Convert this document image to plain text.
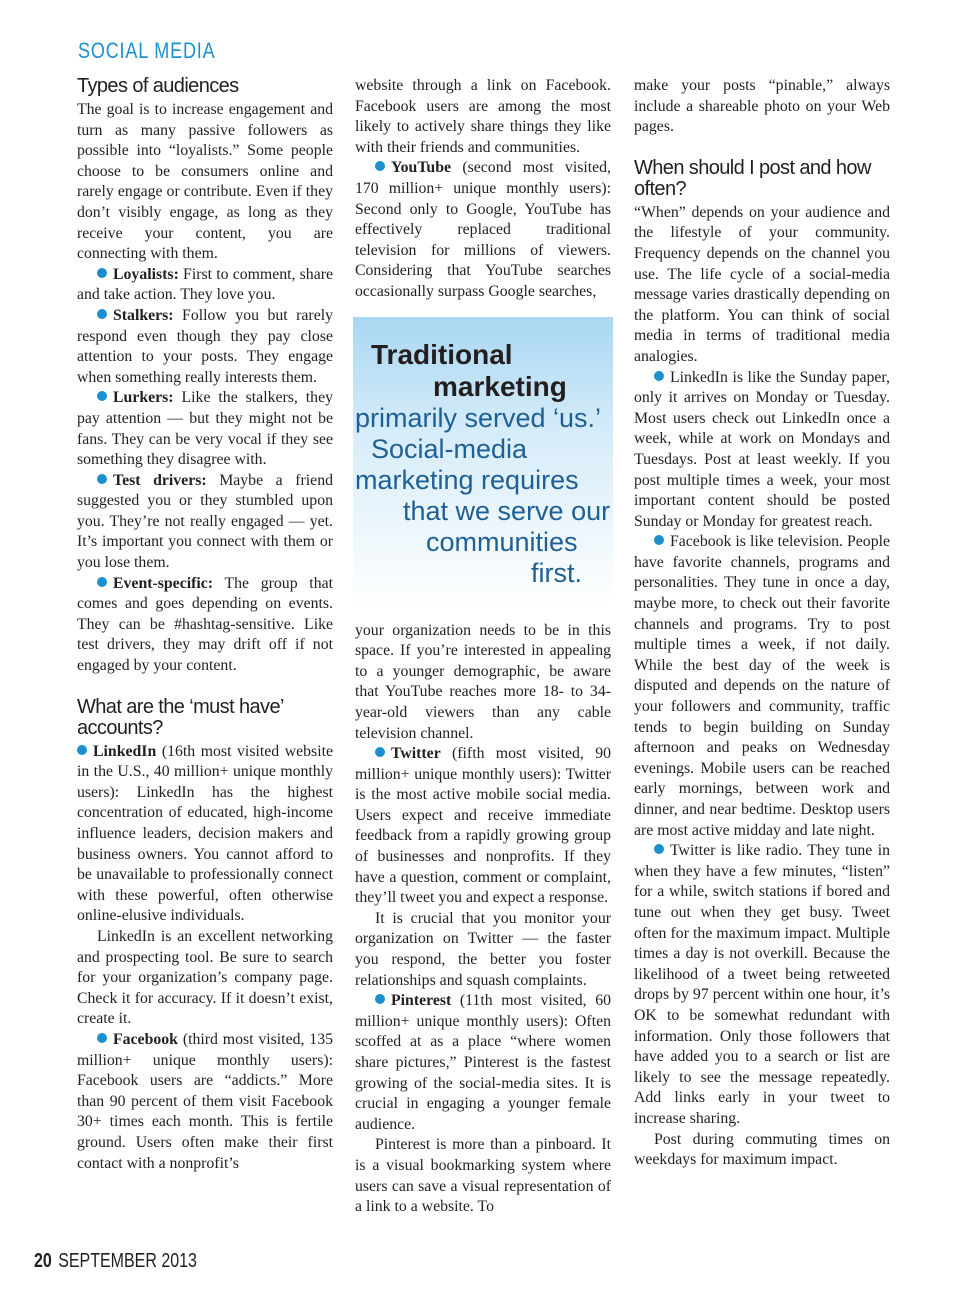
SOCIAL MEDIA
Types of audiences

The goal is to increase engagement and turn as many passive followers as possible into “loyalists.” Some people choose to be consumers online and rarely engage or contribute. Even if they don’t visibly engage, as long as they receive your content, you are connecting with them.

Loyalists: First to comment, share and take action. They love you.

Stalkers: Follow you but rarely respond even though they pay close attention to your posts. They engage when something really interests them.

Lurkers: Like the stalkers, they pay attention — but they might not be fans. They can be very vocal if they see something they disagree with.

Test drivers: Maybe a friend suggested you or they stumbled upon you. They’re not really engaged — yet. It’s important you connect with them or you lose them.

Event-specific: The group that comes and goes depending on events. They can be #hashtag-sensitive. Like test drivers, they may drift off if not engaged by your content.

What are the ‘must have’ accounts?

LinkedIn (16th most visited website in the U.S., 40 million+ unique monthly users): LinkedIn has the highest concentration of educated, high-income influence leaders, decision makers and business owners. You cannot afford to be unavailable to professionally connect with these powerful, often otherwise online-elusive individuals.

LinkedIn is an excellent networking and prospecting tool. Be sure to search for your organization’s company page. Check it for accuracy. If it doesn’t exist, create it.

Facebook (third most visited, 135 million+ unique monthly users): Facebook users are “addicts.” More than 90 percent of them visit Facebook 30+ times each month. This is fertile ground. Users often make their first contact with a nonprofit’s

website through a link on Facebook. Facebook users are among the most likely to actively share things they like with their friends and communities.

YouTube (second most visited, 170 million+ unique monthly users): Second only to Google, YouTube has effectively replaced traditional television for millions of viewers. Considering that YouTube searches occasionally surpass Google searches,

Traditional
marketing
primarily served ‘us.’
Social-media
marketing requires
that we serve our
communities
first.

your organization needs to be in this space. If you’re interested in appealing to a younger demographic, be aware that YouTube reaches more 18- to 34-year-old viewers than any cable television channel.

Twitter (fifth most visited, 90 million+ unique monthly users): Twitter is the most active mobile social media. Users expect and receive immediate feedback from a rapidly growing group of businesses and nonprofits. If they have a question, comment or complaint, they’ll tweet you and expect a response.

It is crucial that you monitor your organization on Twitter — the faster you respond, the better you foster relationships and squash complaints.

Pinterest (11th most visited, 60 million+ unique monthly users): Often scoffed at as a place “where women share pictures,” Pinterest is the fastest growing of the social-media sites. It is crucial in engaging a younger female audience.

Pinterest is more than a pinboard. It is a visual bookmarking system where users can save a visual representation of a link to a website. To

make your posts “pinable,” always include a shareable photo on your Web pages.

When should I post and how often?

“When” depends on your audience and the lifestyle of your community. Frequency depends on the channel you use. The life cycle of a social-media message varies drastically depending on the platform. You can think of social media in terms of traditional media analogies.

LinkedIn is like the Sunday paper, only it arrives on Monday or Tuesday. Most users check out LinkedIn once a week, while at work on Mondays and Tuesdays. Post at least weekly. If you post multiple times a week, your most important content should be posted Sunday or Monday for greatest reach.

Facebook is like television. People have favorite channels, programs and personalities. They tune in once a day, maybe more, to check out their favorite channels and programs. Try to post multiple times a week, if not daily. While the best day of the week is disputed and depends on the nature of your followers and community, traffic tends to begin building on Sunday afternoon and peaks on Wednesday evenings. Mobile users can be reached early mornings, between work and dinner, and near bedtime. Desktop users are most active midday and late night.

Twitter is like radio. They tune in when they have a few minutes, “listen” for a while, switch stations if bored and tune out when they get busy. Tweet often for the maximum impact. Multiple times a day is not overkill. Because the likelihood of a tweet being retweeted drops by 97 percent within one hour, it’s OK to be somewhat redundant with information. Only those followers that have added you to a search or list are likely to see the message repeatedly. Add links early in your tweet to increase sharing.

Post during commuting times on weekdays for maximum impact.

20 SEPTEMBER 2013
